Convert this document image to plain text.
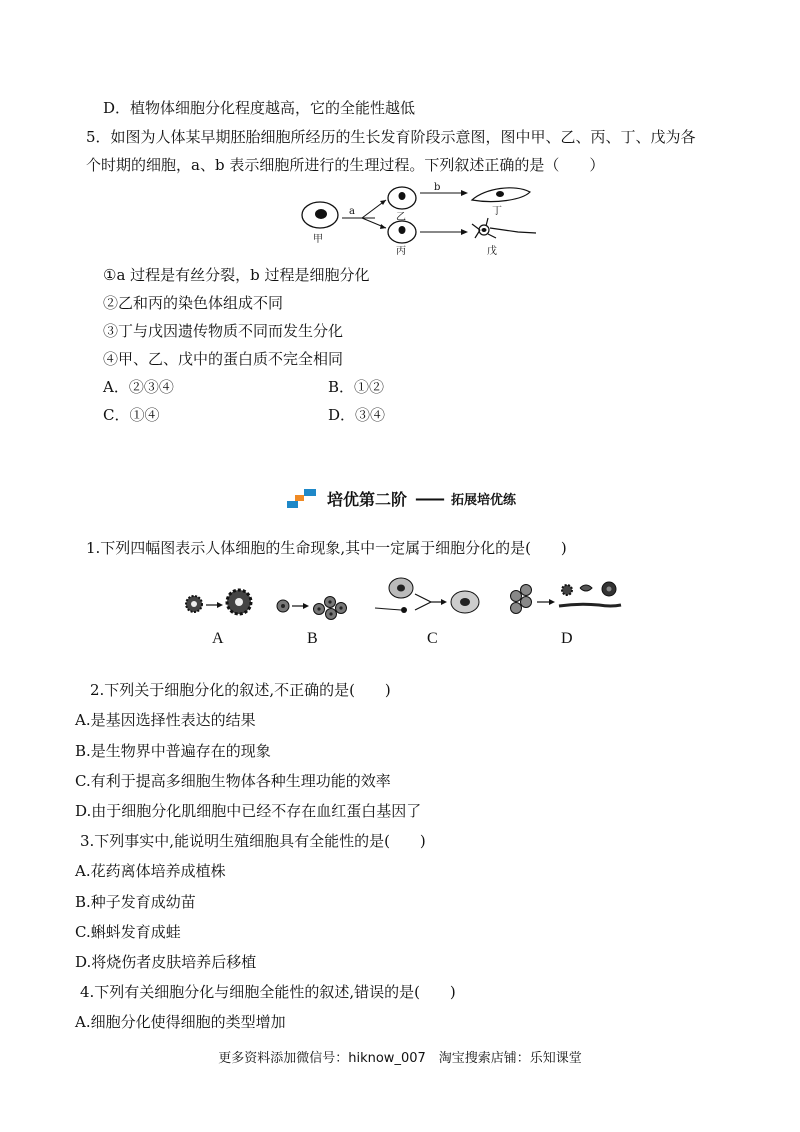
D．植物体细胞分化程度越高，它的全能性越低
5．如图为人体某早期胚胎细胞所经历的生长发育阶段示意图，图中甲、乙、丙、丁、戊为各
个时期的细胞，a、b 表示细胞所进行的生理过程。下列叙述正确的是（　　）
甲
a
乙
丙
b
丁
戊
①a 过程是有丝分裂，b 过程是细胞分化
②乙和丙的染色体组成不同
③丁与戊因遗传物质不同而发生分化
④甲、乙、戊中的蛋白质不完全相同
A．②③④	B．①②
C．①④	D．③④
培优第二阶 —— 拓展培优练
1.下列四幅图表示人体细胞的生命现象,其中一定属于细胞分化的是(　　)
A	B	C	D
2.下列关于细胞分化的叙述,不正确的是(　　)
A.是基因选择性表达的结果
B.是生物界中普遍存在的现象
C.有利于提高多细胞生物体各种生理功能的效率
D.由于细胞分化肌细胞中已经不存在血红蛋白基因了
3.下列事实中,能说明生殖细胞具有全能性的是(　　)
A.花药离体培养成植株
B.种子发育成幼苗
C.蝌蚪发育成蛙
D.将烧伤者皮肤培养后移植
4.下列有关细胞分化与细胞全能性的叙述,错误的是(　　)
A.细胞分化使得细胞的类型增加
更多资料添加微信号：hiknow_007　淘宝搜索店铺：乐知课堂
